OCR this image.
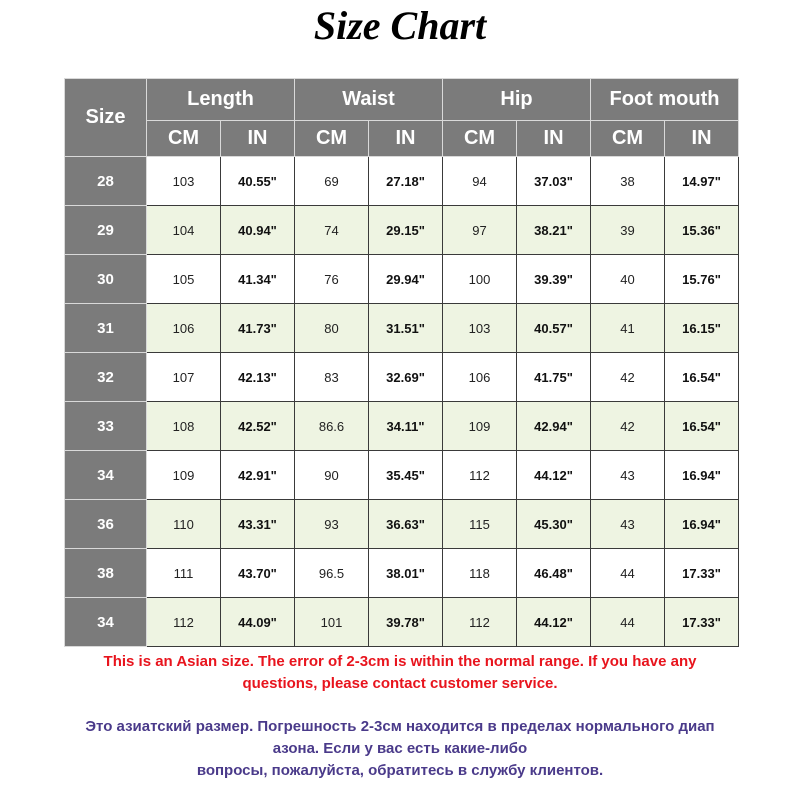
Size Chart
Size	Length		Waist		Hip		Foot mouth	
	CM	IN	CM	IN	CM	IN	CM	IN
28	103	40.55"	69	27.18"	94	37.03"	38	14.97"
29	104	40.94"	74	29.15"	97	38.21"	39	15.36"
30	105	41.34"	76	29.94"	100	39.39"	40	15.76"
31	106	41.73"	80	31.51"	103	40.57"	41	16.15"
32	107	42.13"	83	32.69"	106	41.75"	42	16.54"
33	108	42.52"	86.6	34.11"	109	42.94"	42	16.54"
34	109	42.91"	90	35.45"	112	44.12"	43	16.94"
36	110	43.31"	93	36.63"	115	45.30"	43	16.94"
38	111	43.70"	96.5	38.01"	118	46.48"	44	17.33"
34	112	44.09"	101	39.78"	112	44.12"	44	17.33"
This is an Asian size. The error of 2-3cm is within the normal range. If you have any
questions, please contact customer service.
Это азиатский размер. Погрешность 2-3см находится в пределах нормального диап
азона. Если у вас есть какие-либо
вопросы, пожалуйста, обратитесь в службу клиентов.
